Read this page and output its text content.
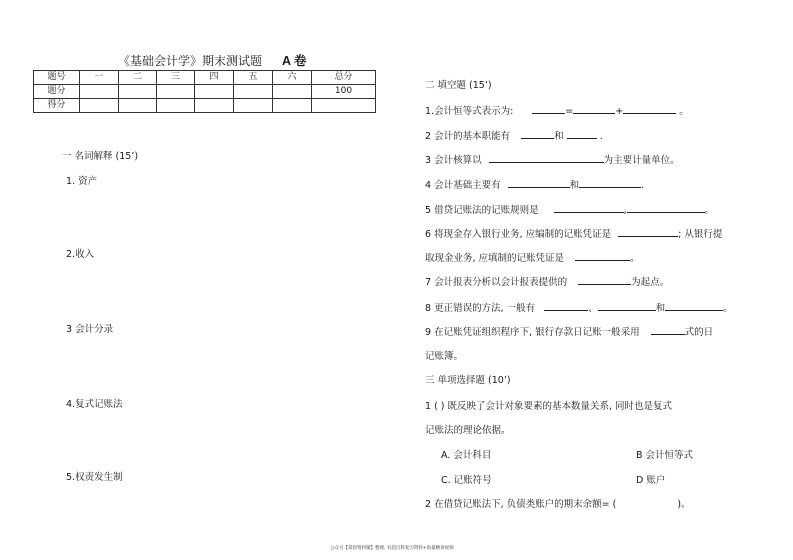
《基础会计学》期末测试题 A 卷
题号	一	二	三	四	五	六	总分
题分							100
得分							
一 名词解释 (15’)
1. 资产
2.收入
3 会计分录
4.复式记账法
5.权责发生制
二 填空题 (15’)
1.会计恒等式表示为:	=	+	。
2 会计的基本职能有	和	.
3 会计核算以	为主要计量单位。
4 会计基础主要有	和	.
5 借贷记账法的记账规则是	,	。
6 将现金存入银行业务, 应编制的记账凭证是	; 从银行提
取现金业务, 应填制的记账凭证是	。
7 会计报表分析以会计报表提供的	为起点。
8 更正错误的方法, 一般有	、	和	。
9 在记账凭证组织程序下, 银行存款日记账一般采用	式的日
记账簿。
三 单项选择题 (10’)
1 ( ) 既反映了会计对象要素的基本数量关系, 同时也是复式
记账法的理论依据。
A. 会计科目	B 会计恒等式
C. 记账符号	D 账户
2 在借贷记账法下, 负债类账户的期末余额= (	)。
公众号【拿捏资料铺】整理, 有超百科复习资料+海量精讲视频
